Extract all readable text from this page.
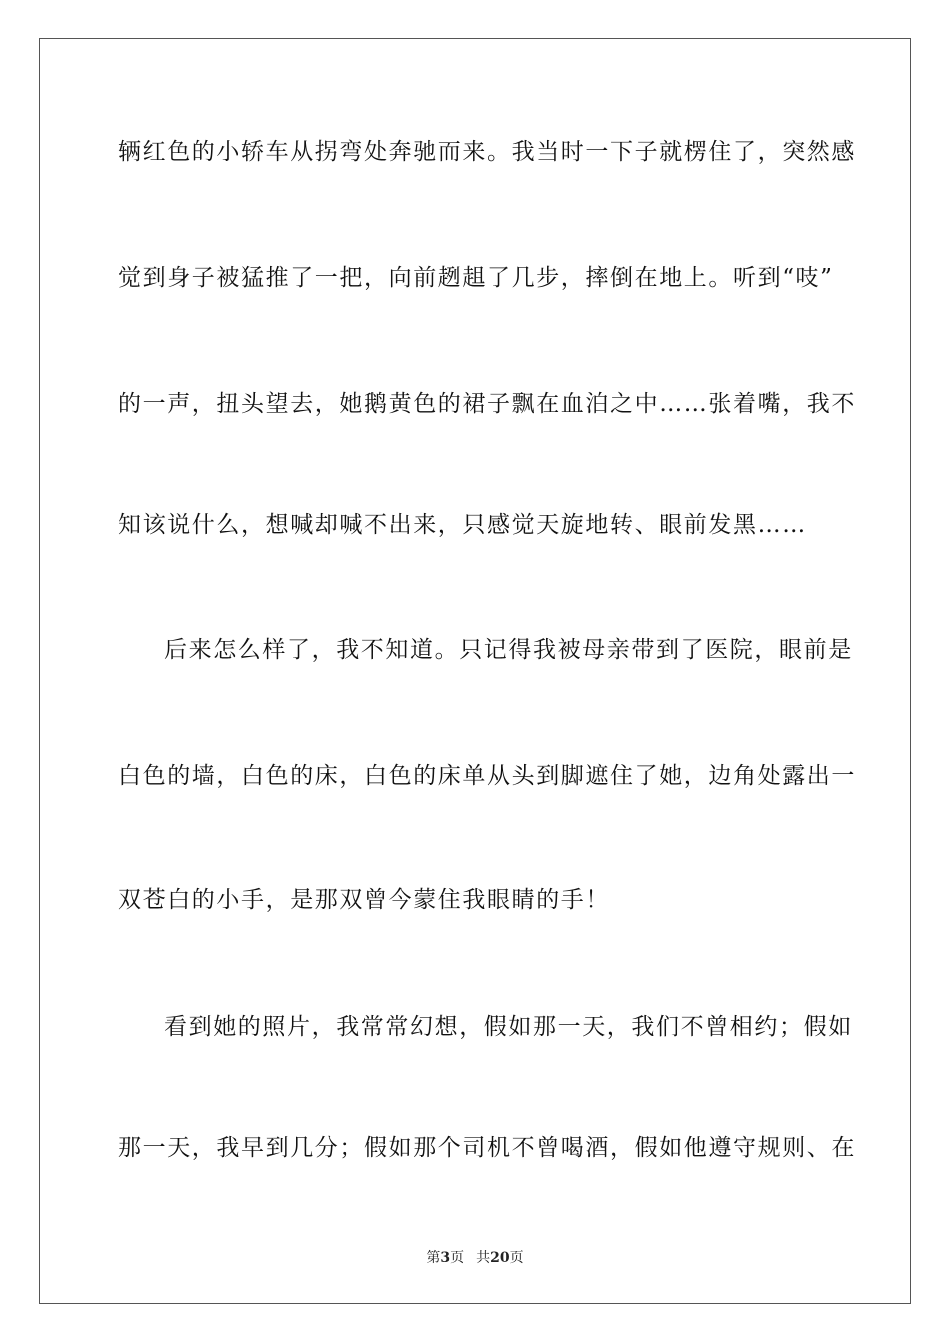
辆红色的小轿车从拐弯处奔驰而来。我当时一下子就楞住了，突然感
觉到身子被猛推了一把，向前趔趄了几步，摔倒在地上。听到“吱”
的一声，扭头望去，她鹅黄色的裙子飘在血泊之中……张着嘴，我不
知该说什么，想喊却喊不出来，只感觉天旋地转、眼前发黑……
后来怎么样了，我不知道。只记得我被母亲带到了医院，眼前是
白色的墙，白色的床，白色的床单从头到脚遮住了她，边角处露出一
双苍白的小手，是那双曾今蒙住我眼睛的手！
看到她的照片，我常常幻想，假如那一天，我们不曾相约；假如
那一天，我早到几分；假如那个司机不曾喝酒，假如他遵守规则、在
第3页 共20页
